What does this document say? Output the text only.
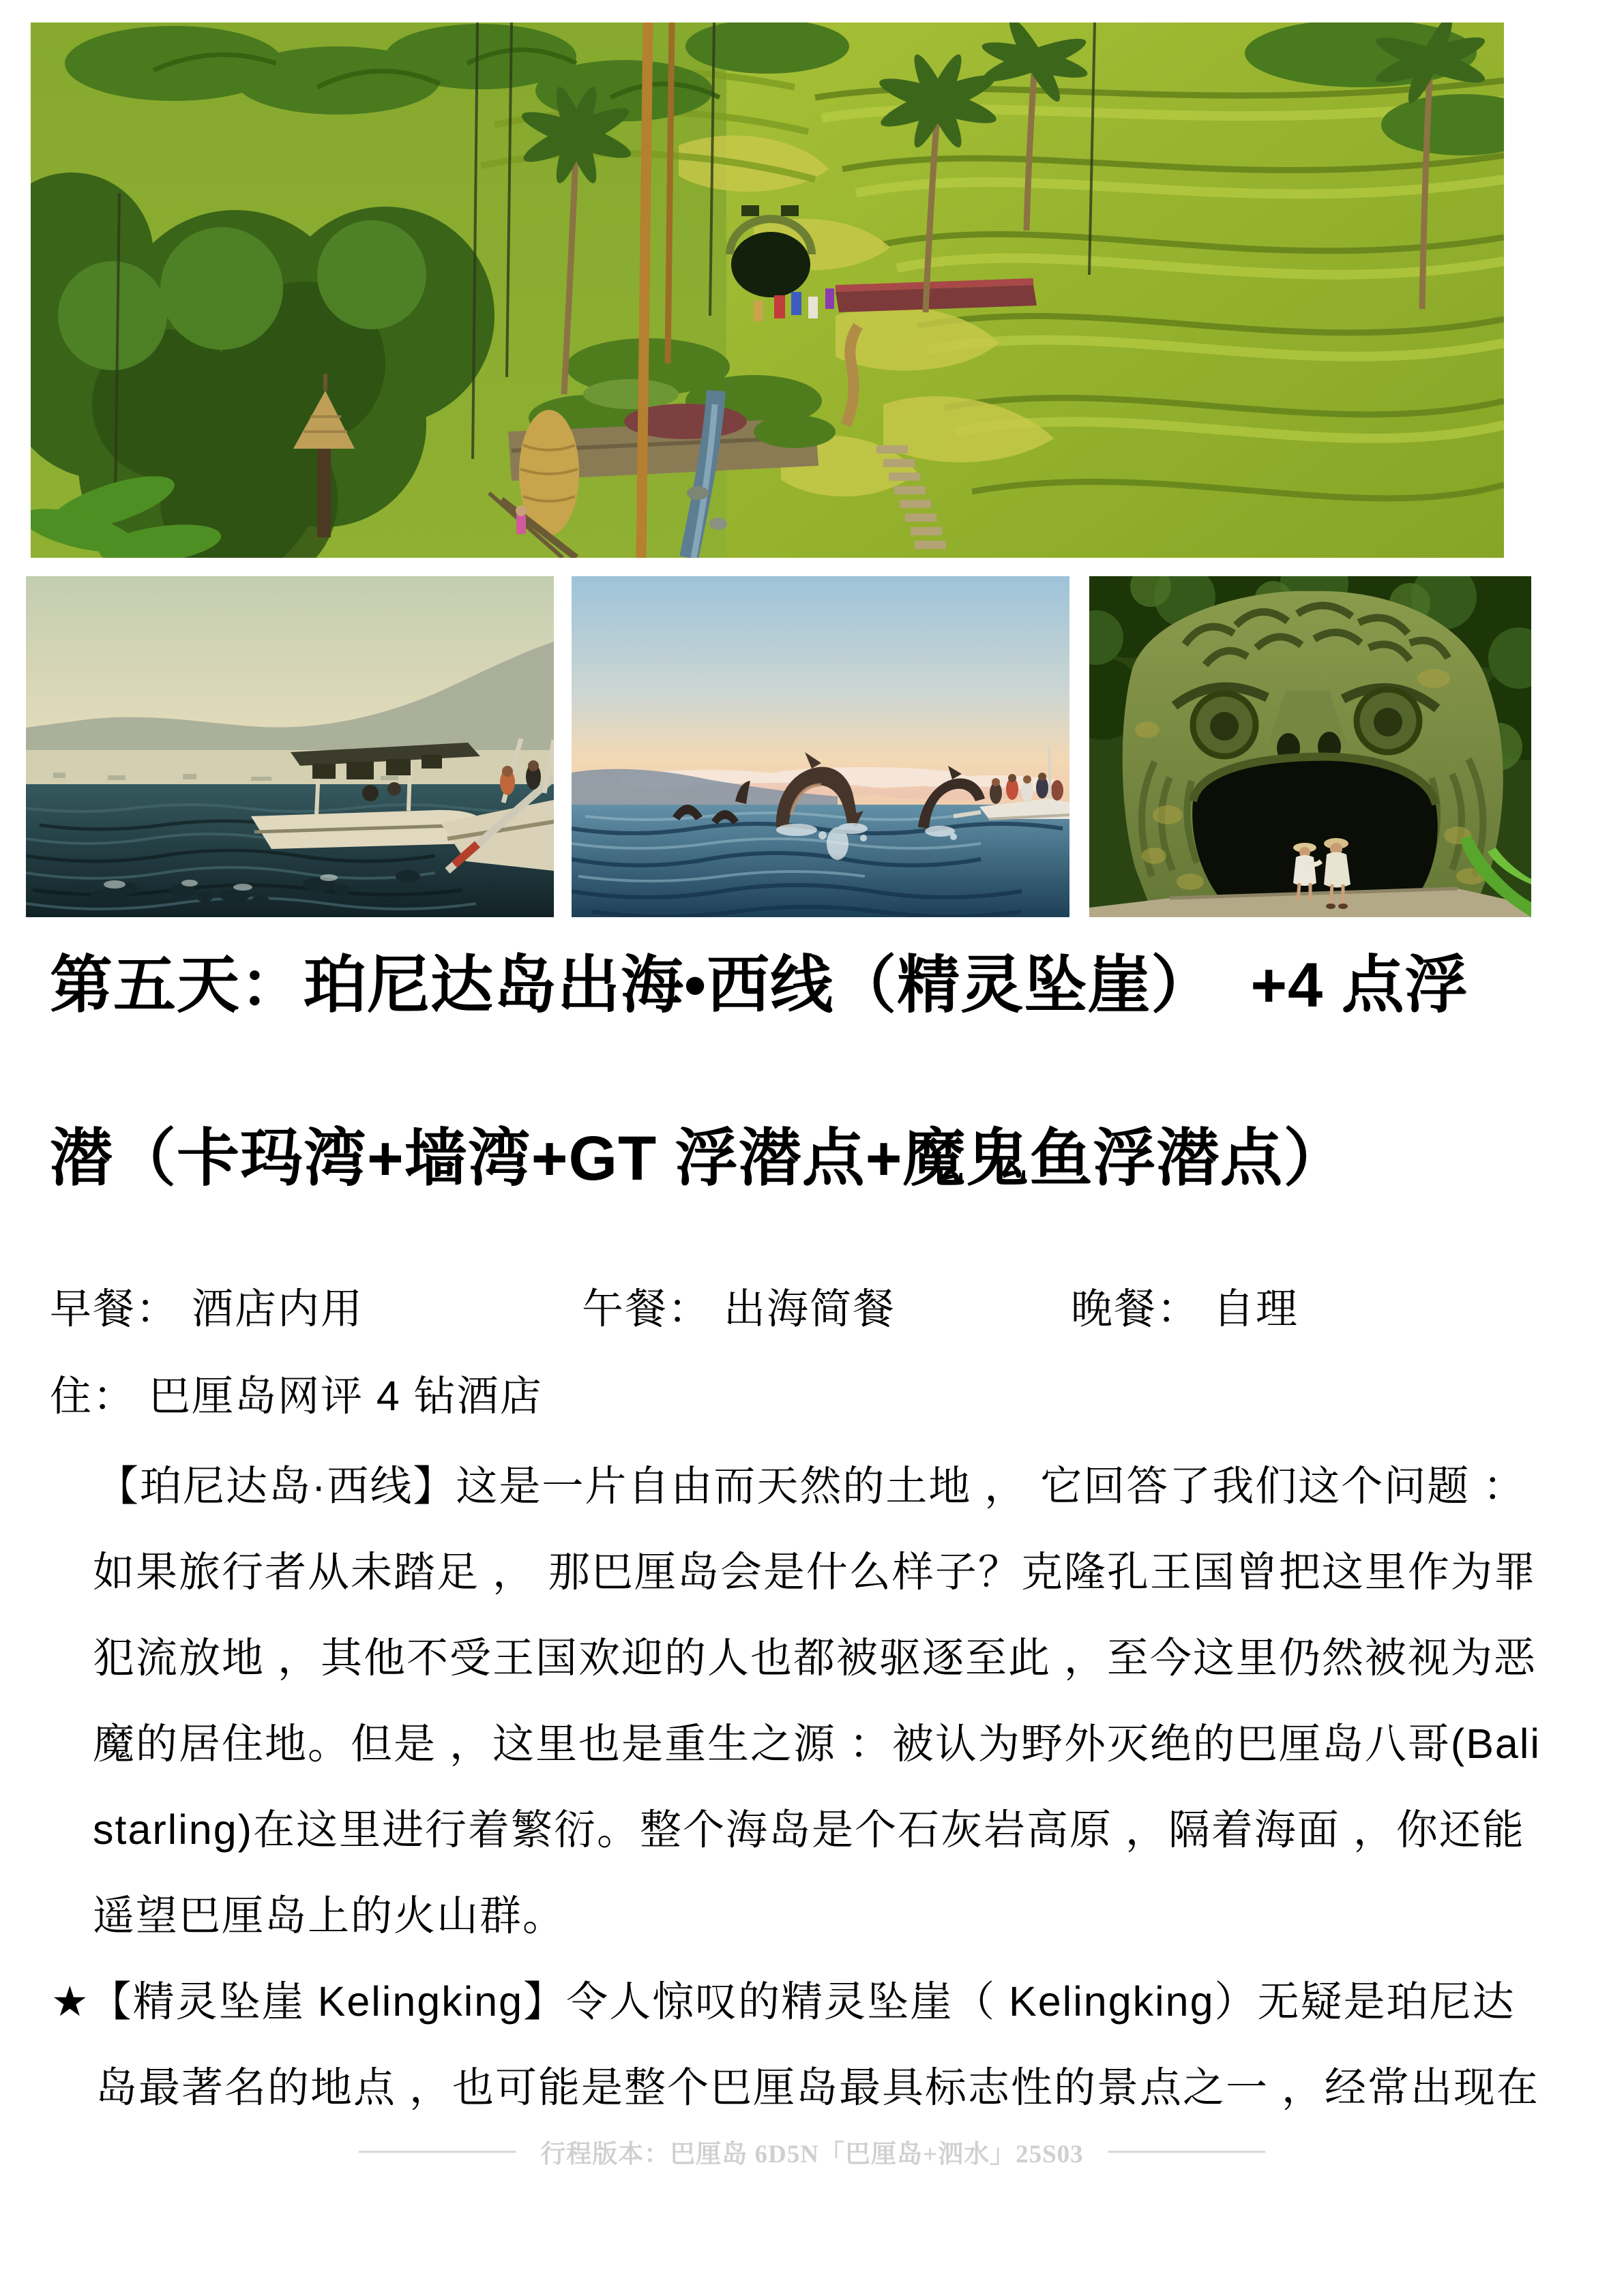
第五天：珀尼达岛出海•西线（精灵坠崖）  +4 点浮
潜（卡玛湾+墙湾+GT 浮潜点+魔鬼鱼浮潜点）
早餐： 酒店内用	午餐： 出海简餐	晚餐： 自理
住： 巴厘岛网评 4 钻酒店
【珀尼达岛·西线】这是一片自由而天然的土地 ， 它回答了我们这个问题 ：
如果旅行者从未踏足 ， 那巴厘岛会是什么样子？克隆孔王国曾把这里作为罪
犯流放地 ，其他不受王国欢迎的人也都被驱逐至此 ，至今这里仍然被视为恶
魔的居住地。但是 ，这里也是重生之源 ：被认为野外灭绝的巴厘岛八哥(Bali
starling)在这里进行着繁衍。整个海岛是个石灰岩高原 ，隔着海面 ，你还能
遥望巴厘岛上的火山群。
★【精灵坠崖 Kelingking】令人惊叹的精灵坠崖（ Kelingking）无疑是珀尼达
岛最著名的地点 ，也可能是整个巴厘岛最具标志性的景点之一 ，经常出现在
行程版本：巴厘岛 6D5N「巴厘岛+泗水」25S03
